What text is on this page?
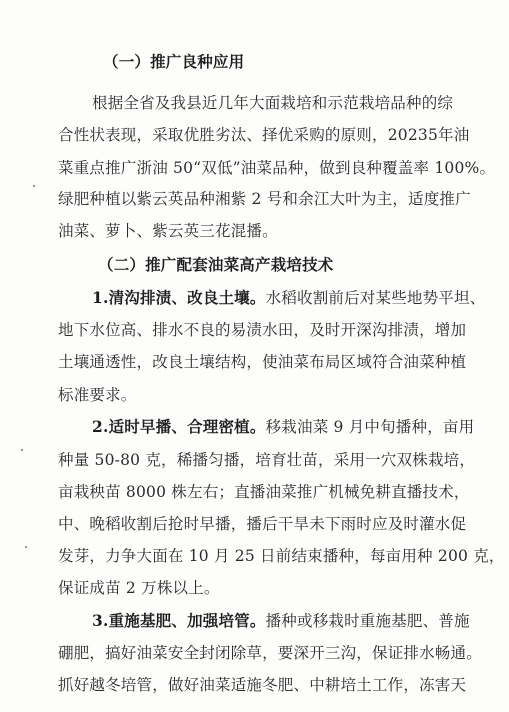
（一）推广良种应用
根据全省及我县近几年大面栽培和示范栽培品种的综
合性状表现，采取优胜劣汰、择优采购的原则，20235年油
菜重点推广浙油 50“双低”油菜品种，做到良种覆盖率 100%。
绿肥种植以紫云英品种湘紫 2 号和余江大叶为主，适度推广
油菜、萝卜、紫云英三花混播。
（二）推广配套油菜高产栽培技术
1.清沟排渍、改良土壤。水稻收割前后对某些地势平坦、
地下水位高、排水不良的易渍水田，及时开深沟排渍，增加
土壤通透性，改良土壤结构，使油菜布局区域符合油菜种植
标准要求。
2.适时早播、合理密植。移栽油菜 9 月中旬播种，亩用
种量 50-80 克，稀播匀播，培育壮苗，采用一穴双株栽培，
亩栽秧苗 8000 株左右；直播油菜推广机械免耕直播技术，
中、晚稻收割后抢时早播，播后干旱未下雨时应及时灌水促
发芽，力争大面在 10 月 25 日前结束播种，每亩用种 200 克，
保证成苗 2 万株以上。
3.重施基肥、加强培管。播种或移栽时重施基肥、普施
硼肥，搞好油菜安全封闭除草，要深开三沟，保证排水畅通。
抓好越冬培管，做好油菜适施冬肥、中耕培土工作，冻害天
